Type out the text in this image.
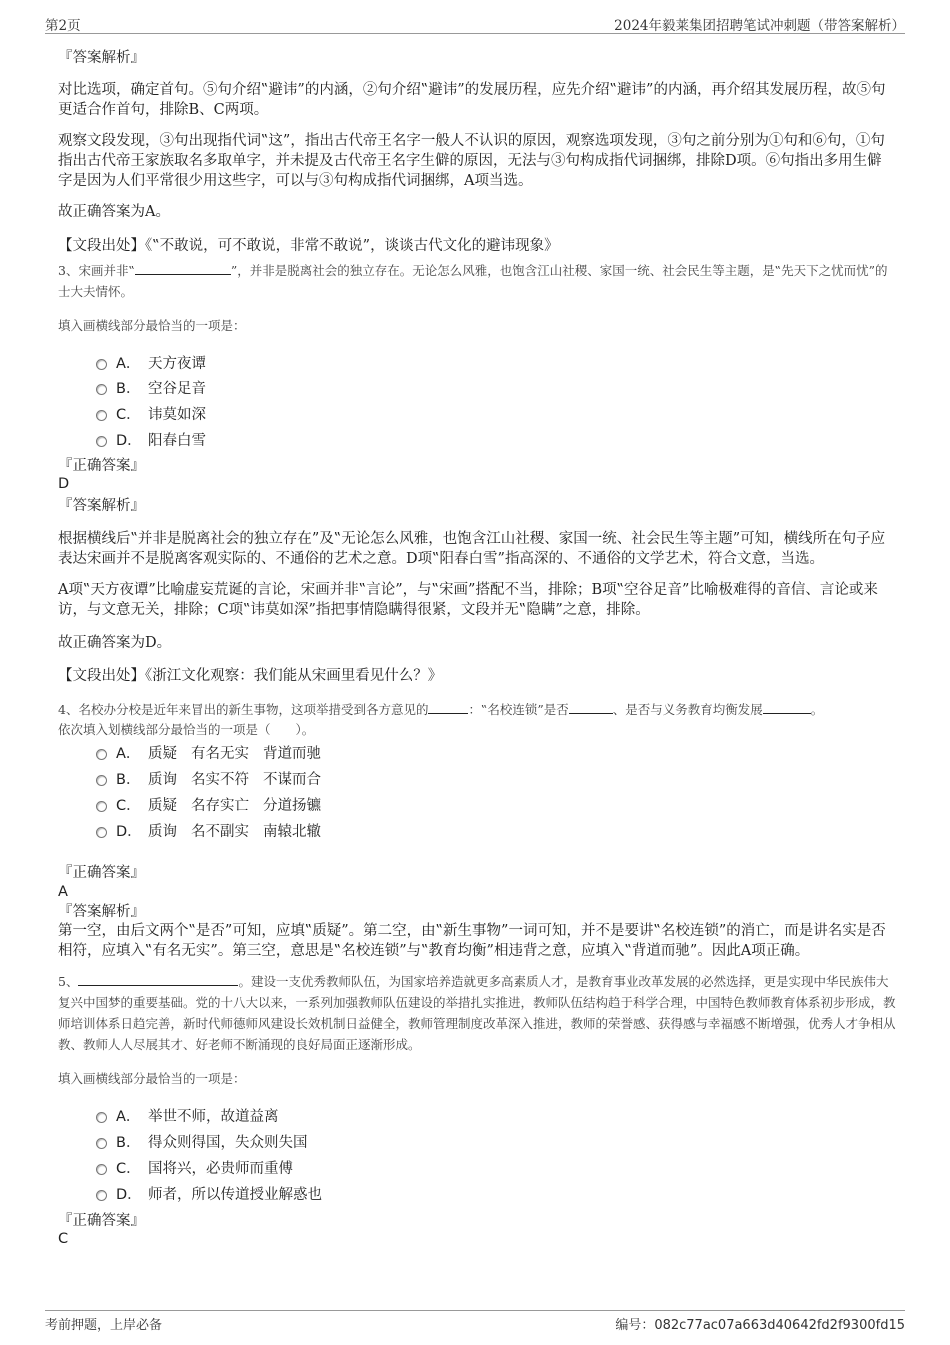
第2页	2024年毅莱集团招聘笔试冲刺题（带答案解析）
『答案解析』

对比选项，确定首句。⑤句介绍‟避讳”的内涵，②句介绍‟避讳”的发展历程，应先介绍‟避讳”的内涵，再介绍其发展历程，故⑤句更适合作首句，排除B、C两项。

观察文段发现，③句出现指代词‟这”，指出古代帝王名字一般人不认识的原因，观察选项发现，③句之前分别为①句和⑥句，①句指出古代帝王家族取名多取单字，并未提及古代帝王名字生僻的原因，无法与③句构成指代词捆绑，排除D项。⑥句指出多用生僻字是因为人们平常很少用这些字，可以与③句构成指代词捆绑，A项当选。

故正确答案为A。
【文段出处】《‟不敢说，可不敢说，非常不敢说”，谈谈古代文化的避讳现象》
3、宋画并非‟	”，并非是脱离社会的独立存在。无论怎么风雅，也饱含江山社稷、家国一统、社会民生等主题，是‟先天下之忧而忧”的士大夫情怀。
填入画横线部分最恰当的一项是：
A． 天方夜谭
B． 空谷足音
C． 讳莫如深
D． 阳春白雪
『正确答案』
D
『答案解析』

根据横线后‟并非是脱离社会的独立存在”及‟无论怎么风雅，也饱含江山社稷、家国一统、社会民生等主题”可知，横线所在句子应表达宋画并不是脱离客观实际的、不通俗的艺术之意。D项‟阳春白雪”指高深的、不通俗的文学艺术，符合文意，当选。

A项‟天方夜谭”比喻虚妄荒诞的言论，宋画并非‟言论”，与‟宋画”搭配不当，排除；B项‟空谷足音”比喻极难得的音信、言论或来访，与文意无关，排除；C项‟讳莫如深”指把事情隐瞒得很紧，文段并无‟隐瞒”之意，排除。

故正确答案为D。
【文段出处】《浙江文化观察：我们能从宋画里看见什么？》
4、名校办分校是近年来冒出的新生事物，这项举措受到各方意见的	：‟名校连锁”是否	、是否与义务教育均衡发展	。
依次填入划横线部分最恰当的一项是（　　）。
A． 质疑 有名无实 背道而驰
B． 质询 名实不符 不谋而合
C． 质疑 名存实亡 分道扬镳
D． 质询 名不副实 南辕北辙
『正确答案』
A
『答案解析』

第一空，由后文两个‟是否”可知，应填‟质疑”。第二空，由‟新生事物”一词可知，并不是要讲‟名校连锁”的消亡，而是讲名实是否相符，应填入‟有名无实”。第三空，意思是‟名校连锁”与‟教育均衡”相违背之意，应填入‟背道而驰”。因此A项正确。

5、	。建设一支优秀教师队伍，为国家培养造就更多高素质人才，是教育事业改革发展的必然选择，更是实现中华民族伟大复兴中国梦的重要基础。党的十八大以来，一系列加强教师队伍建设的举措扎实推进，教师队伍结构趋于科学合理，中国特色教师教育体系初步形成，教师培训体系日趋完善，新时代师德师风建设长效机制日益健全，教师管理制度改革深入推进，教师的荣誉感、获得感与幸福感不断增强，优秀人才争相从教、教师人人尽展其才、好老师不断涌现的良好局面正逐渐形成。
填入画横线部分最恰当的一项是：
A． 举世不师，故道益离
B． 得众则得国，失众则失国
C． 国将兴，必贵师而重傅
D． 师者，所以传道授业解惑也
『正确答案』
C
考前押题，上岸必备	编号：082c77ac07a663d40642fd2f9300fd15
